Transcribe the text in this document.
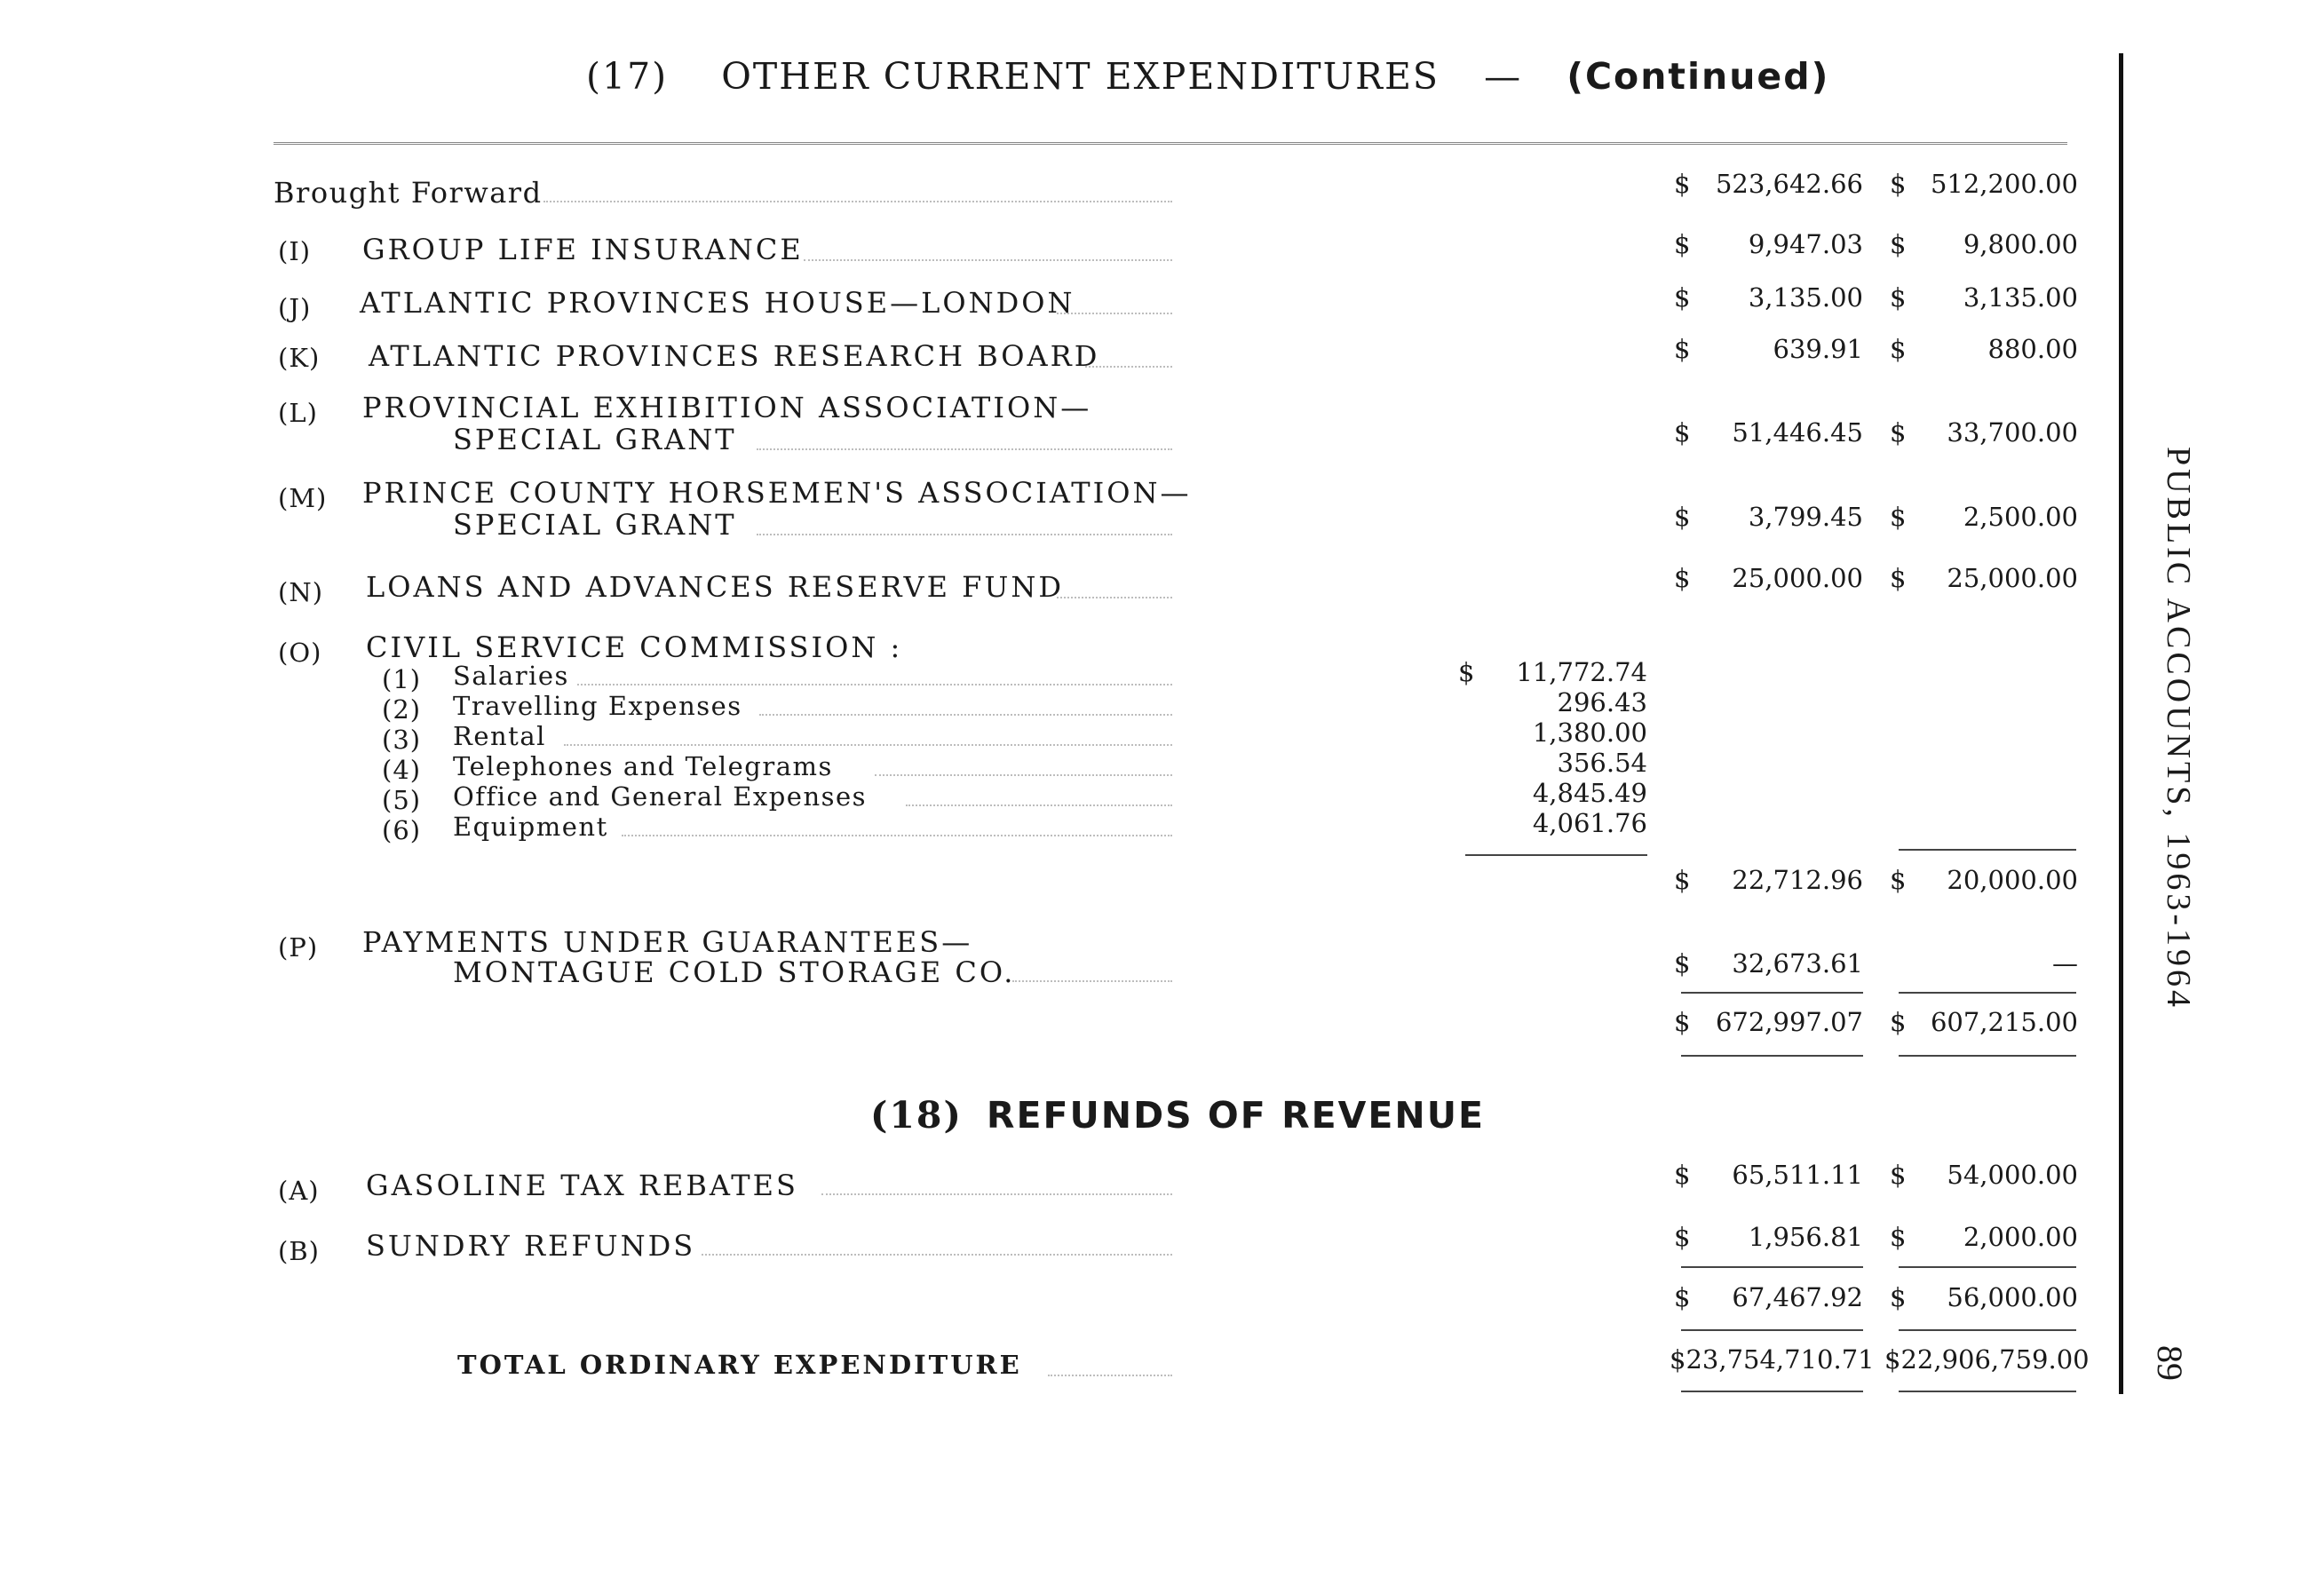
(17) OTHER CURRENT EXPENDITURES — (Continued)
Brought Forward	$ 523,642.66 $ 512,200.00
(I) GROUP LIFE INSURANCE	$	9,947.03 $	9,800.00
(J) ATLANTIC PROVINCES HOUSE—LONDON	$	3,135.00 $	3,135.00
(K) ATLANTIC PROVINCES RESEARCH BOARD	$	639.91 $	880.00
(L) PROVINCIAL EXHIBITION ASSOCIATION—
SPECIAL GRANT	$	51,446.45 $	33,700.00
(M) PRINCE COUNTY HORSEMEN'S ASSOCIATION—
SPECIAL GRANT	$	3,799.45 $	2,500.00
(N) LOANS AND ADVANCES RESERVE FUND	$	25,000.00 $	25,000.00
(O) CIVIL SERVICE COMMISSION :
(1) Salaries	$	11,772.74
(2) Travelling Expenses	296.43
(3) Rental	1,380.00
(4) Telephones and Telegrams	356.54
(5) Office and General Expenses	4,845.49
(6) Equipment	4,061.76
$	22,712.96 $	20,000.00
(P) PAYMENTS UNDER GUARANTEES—
MONTAGUE COLD STORAGE CO.	$	32,673.61	—
$ 672,997.07 $ 607,215.00
(18) REFUNDS OF REVENUE
(A) GASOLINE TAX REBATES	$	65,511.11 $	54,000.00
(B) SUNDRY REFUNDS	$	1,956.81 $	2,000.00
$	67,467.92 $	56,000.00
TOTAL ORDINARY EXPENDITURE	$23,754,710.71 $22,906,759.00
PUBLIC ACCOUNTS, 1963-1964
89
